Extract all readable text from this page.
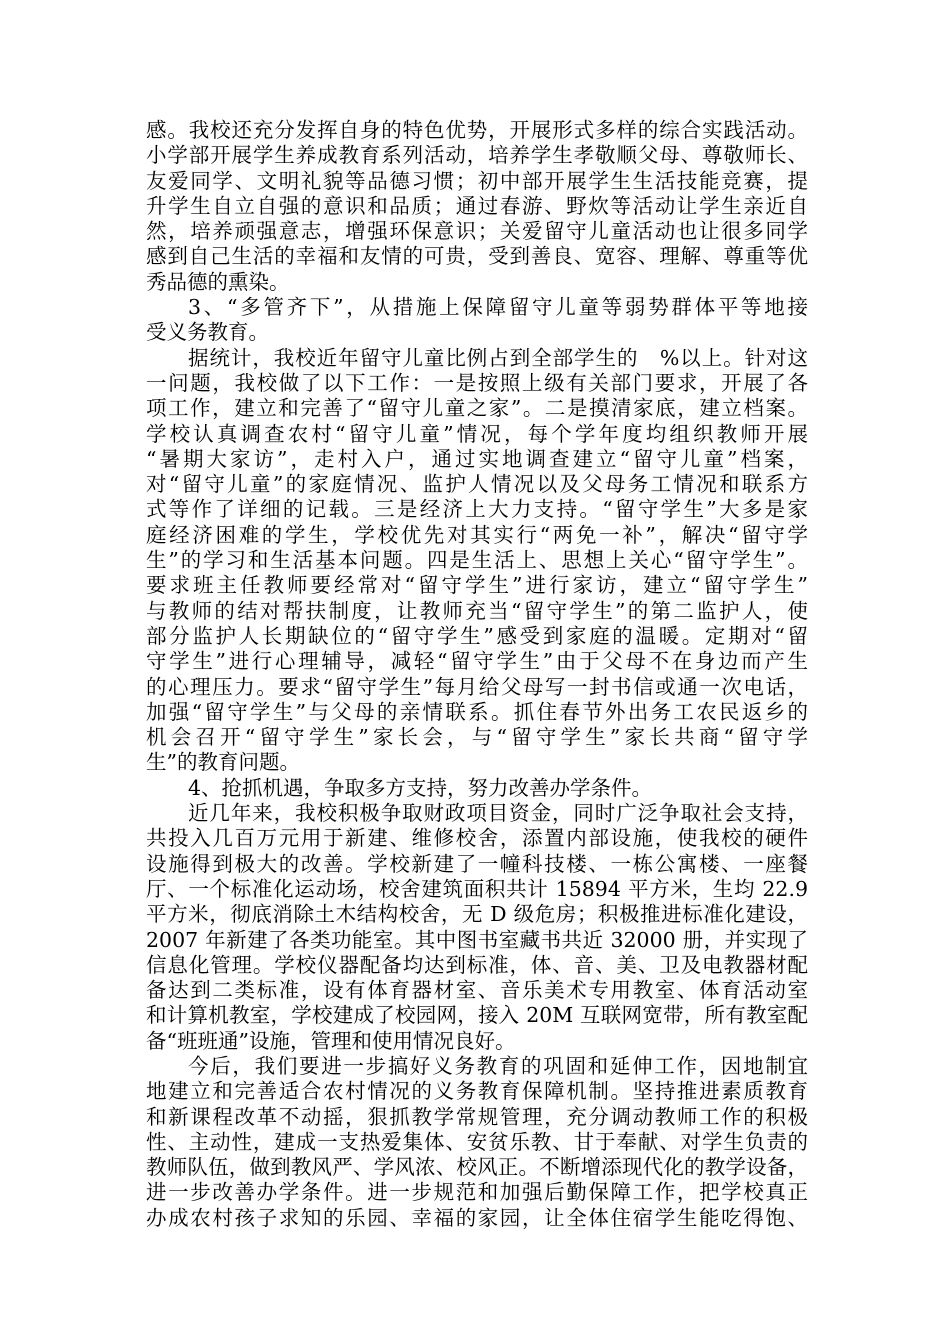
感。我校还充分发挥自身的特色优势，开展形式多样的综合实践活动。
小学部开展学生养成教育系列活动，培养学生孝敬顺父母、尊敬师长、
友爱同学、文明礼貌等品德习惯；初中部开展学生生活技能竞赛，提
升学生自立自强的意识和品质；通过春游、野炊等活动让学生亲近自
然，培养顽强意志，增强环保意识；关爱留守儿童活动也让很多同学
感到自己生活的幸福和友情的可贵，受到善良、宽容、理解、尊重等优
秀品德的熏染。
3、“多管齐下”，从措施上保障留守儿童等弱势群体平等地接
受义务教育。
据统计，我校近年留守儿童比例占到全部学生的　%以上。针对这
一问题，我校做了以下工作：一是按照上级有关部门要求，开展了各
项工作，建立和完善了“留守儿童之家”。二是摸清家底，建立档案。
学校认真调查农村“留守儿童”情况，每个学年度均组织教师开展
“暑期大家访”，走村入户，通过实地调查建立“留守儿童”档案，
对“留守儿童”的家庭情况、监护人情况以及父母务工情况和联系方
式等作了详细的记载。三是经济上大力支持。“留守学生”大多是家
庭经济困难的学生，学校优先对其实行“两免一补”，解决“留守学
生”的学习和生活基本问题。四是生活上、思想上关心“留守学生”。
要求班主任教师要经常对“留守学生”进行家访，建立“留守学生”
与教师的结对帮扶制度，让教师充当“留守学生”的第二监护人，使
部分监护人长期缺位的“留守学生”感受到家庭的温暖。定期对“留
守学生”进行心理辅导，减轻“留守学生”由于父母不在身边而产生
的心理压力。要求“留守学生”每月给父母写一封书信或通一次电话，
加强“留守学生”与父母的亲情联系。抓住春节外出务工农民返乡的
机会召开“留守学生”家长会，与“留守学生”家长共商“留守学
生”的教育问题。
4、抢抓机遇，争取多方支持，努力改善办学条件。
近几年来，我校积极争取财政项目资金，同时广泛争取社会支持，
共投入几百万元用于新建、维修校舍，添置内部设施，使我校的硬件
设施得到极大的改善。学校新建了一幢科技楼、一栋公寓楼、一座餐
厅、一个标准化运动场，校舍建筑面积共计 15894 平方米，生均 22.9
平方米，彻底消除土木结构校舍，无 D 级危房；积极推进标准化建设，
2007 年新建了各类功能室。其中图书室藏书共近 32000 册，并实现了
信息化管理。学校仪器配备均达到标准，体、音、美、卫及电教器材配
备达到二类标准，设有体育器材室、音乐美术专用教室、体育活动室
和计算机教室，学校建成了校园网，接入 20M 互联网宽带，所有教室配
备“班班通”设施，管理和使用情况良好。
今后，我们要进一步搞好义务教育的巩固和延伸工作，因地制宜
地建立和完善适合农村情况的义务教育保障机制。坚持推进素质教育
和新课程改革不动摇，狠抓教学常规管理，充分调动教师工作的积极
性、主动性，建成一支热爱集体、安贫乐教、甘于奉献、对学生负责的
教师队伍，做到教风严、学风浓、校风正。不断增添现代化的教学设备，
进一步改善办学条件。进一步规范和加强后勤保障工作，把学校真正
办成农村孩子求知的乐园、幸福的家园，让全体住宿学生能吃得饱、
